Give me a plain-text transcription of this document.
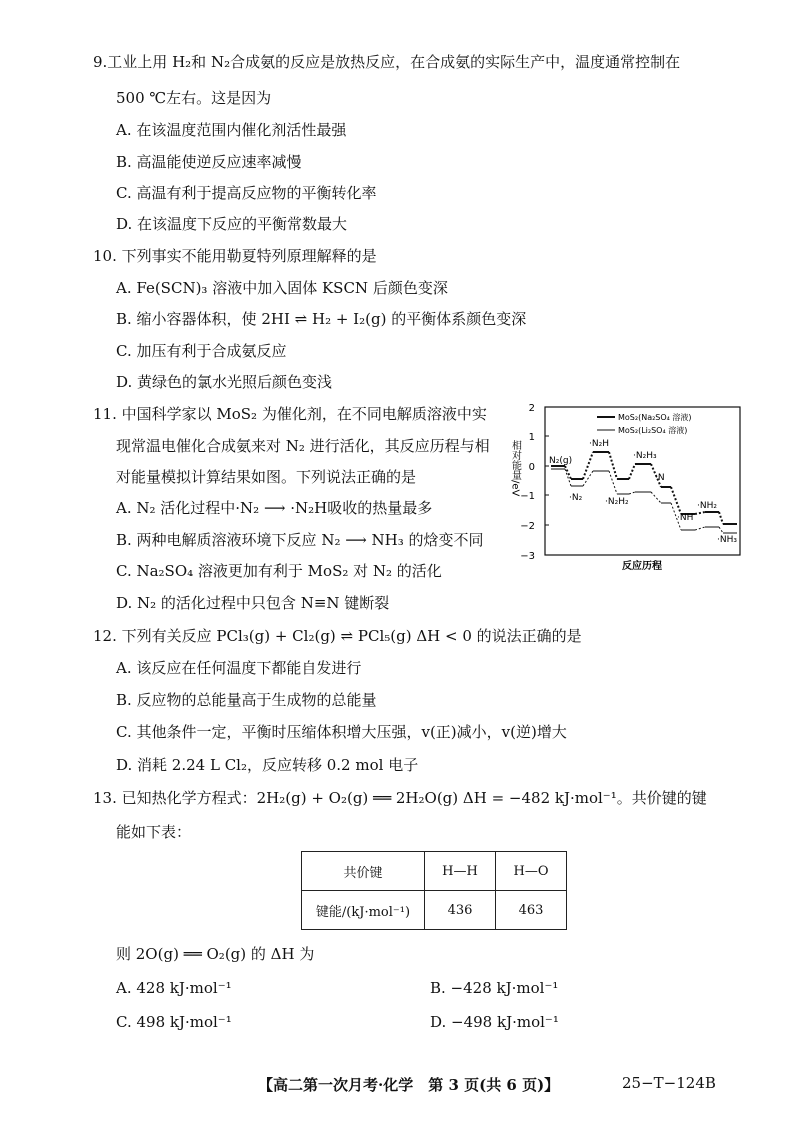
9.工业上用 H₂和 N₂合成氨的反应是放热反应，在合成氨的实际生产中，温度通常控制在
500 ℃左右。这是因为
A. 在该温度范围内催化剂活性最强
B. 高温能使逆反应速率减慢
C. 高温有利于提高反应物的平衡转化率
D. 在该温度下反应的平衡常数最大
10. 下列事实不能用勒夏特列原理解释的是
A. Fe(SCN)₃ 溶液中加入固体 KSCN 后颜色变深
B. 缩小容器体积，使 2HI ⇌ H₂ + I₂(g) 的平衡体系颜色变深
C. 加压有利于合成氨反应
D. 黄绿色的氯水光照后颜色变浅
11. 中国科学家以 MoS₂ 为催化剂，在不同电解质溶液中实
现常温电催化合成氨来对 N₂ 进行活化，其反应历程与相
对能量模拟计算结果如图。下列说法正确的是
A. N₂ 活化过程中·N₂ ⟶ ·N₂H吸收的热量最多
B. 两种电解质溶液环境下反应 N₂ ⟶ NH₃ 的焓变不同
C. Na₂SO₄ 溶液更加有利于 MoS₂ 对 N₂ 的活化
D. N₂ 的活化过程中只包含 N≡N 键断裂
2
1
0
−1
−2
−3
相对能量/eV
反应历程
MoS₂(Na₂SO₄ 溶液)
MoS₂(Li₂SO₄ 溶液)
N₂(g)
·N₂
·N₂H
·N₂H₂
·N₂H₃
·N
·NH
·NH₂
·NH₃
12. 下列有关反应 PCl₃(g) + Cl₂(g) ⇌ PCl₅(g) ΔH < 0 的说法正确的是
A. 该反应在任何温度下都能自发进行
B. 反应物的总能量高于生成物的总能量
C. 其他条件一定，平衡时压缩体积增大压强，v(正)减小，v(逆)增大
D. 消耗 2.24 L Cl₂，反应转移 0.2 mol 电子
13. 已知热化学方程式：2H₂(g) + O₂(g) ══ 2H₂O(g) ΔH = −482 kJ·mol⁻¹。共价键的键
能如下表：
共价键	H—H	H—O
键能/(kJ·mol⁻¹)	436	463
则 2O(g) ══ O₂(g) 的 ΔH 为
A. 428 kJ·mol⁻¹	B. −428 kJ·mol⁻¹
C. 498 kJ·mol⁻¹	D. −498 kJ·mol⁻¹
【高二第一次月考·化学　第 3 页(共 6 页)】	25−T−124B
